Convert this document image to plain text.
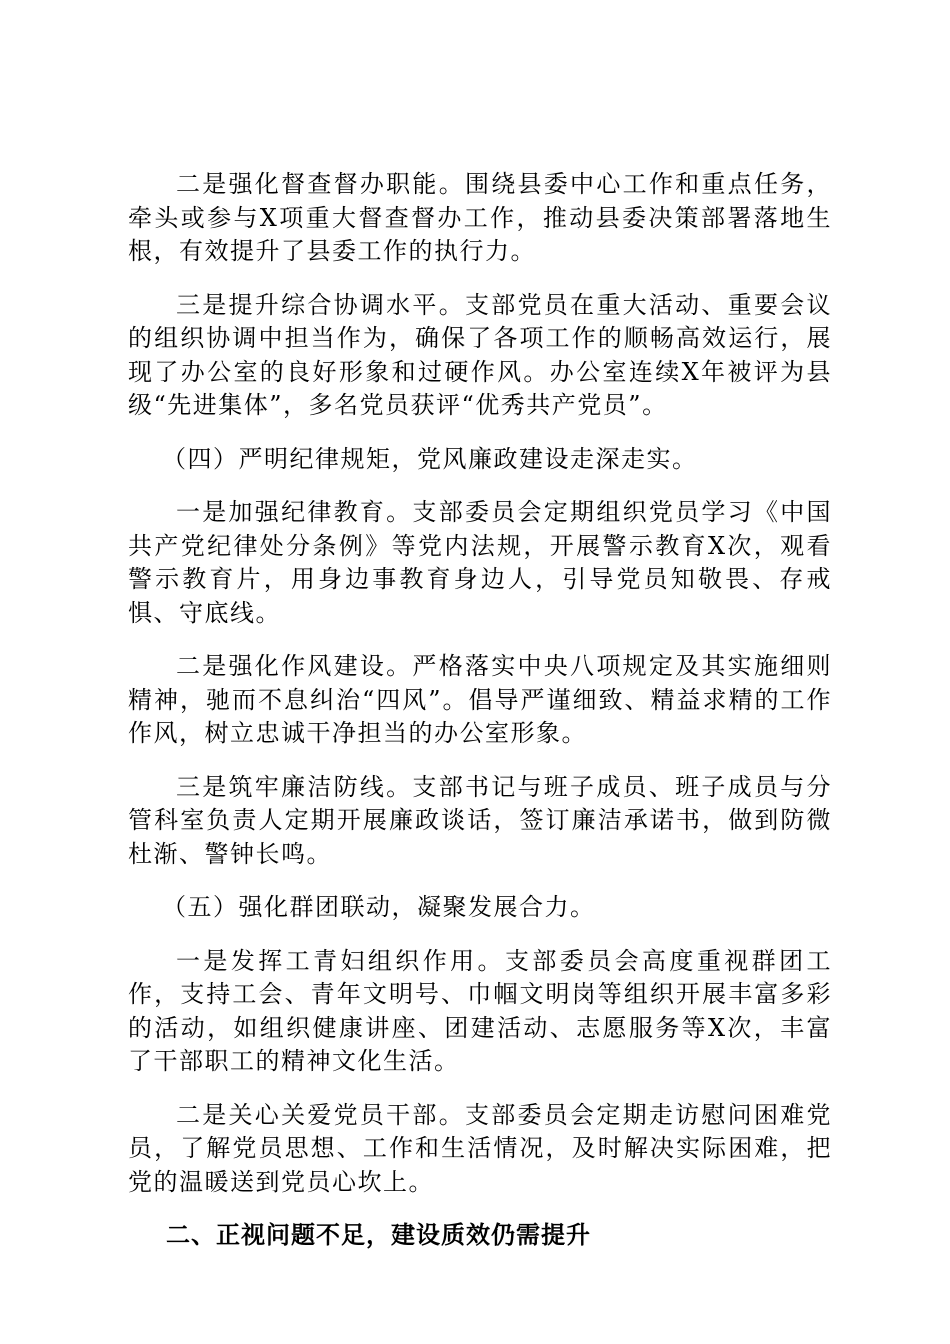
二是强化督查督办职能。围绕县委中心工作和重点任务，牵头或参与X项重大督查督办工作，推动县委决策部署落地生根，有效提升了县委工作的执行力。

三是提升综合协调水平。支部党员在重大活动、重要会议的组织协调中担当作为，确保了各项工作的顺畅高效运行，展现了办公室的良好形象和过硬作风。办公室连续X年被评为县级“先进集体”，多名党员获评“优秀共产党员”。

（四）严明纪律规矩，党风廉政建设走深走实。

一是加强纪律教育。支部委员会定期组织党员学习《中国共产党纪律处分条例》等党内法规，开展警示教育X次，观看警示教育片，用身边事教育身边人，引导党员知敬畏、存戒惧、守底线。

二是强化作风建设。严格落实中央八项规定及其实施细则精神，驰而不息纠治“四风”。倡导严谨细致、精益求精的工作作风，树立忠诚干净担当的办公室形象。

三是筑牢廉洁防线。支部书记与班子成员、班子成员与分管科室负责人定期开展廉政谈话，签订廉洁承诺书，做到防微杜渐、警钟长鸣。

（五）强化群团联动，凝聚发展合力。

一是发挥工青妇组织作用。支部委员会高度重视群团工作，支持工会、青年文明号、巾帼文明岗等组织开展丰富多彩的活动，如组织健康讲座、团建活动、志愿服务等X次，丰富了干部职工的精神文化生活。

二是关心关爱党员干部。支部委员会定期走访慰问困难党员，了解党员思想、工作和生活情况，及时解决实际困难，把党的温暖送到党员心坎上。

二、正视问题不足，建设质效仍需提升
